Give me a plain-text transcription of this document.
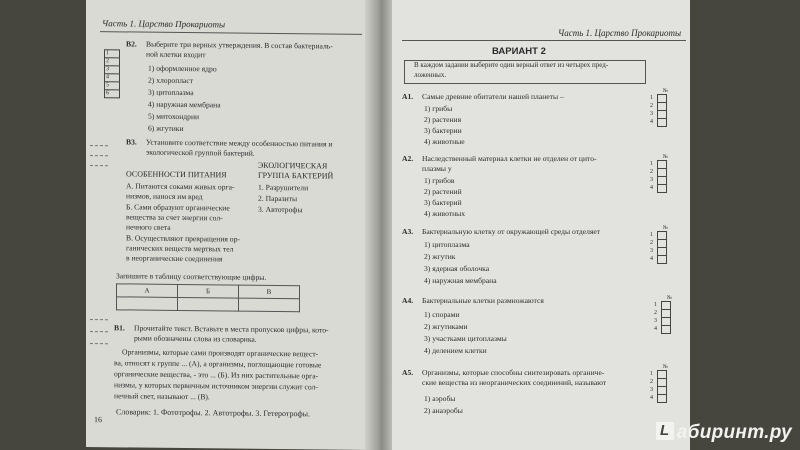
Часть 1. Царство Прокариоты
1
2
3
4
5
6
В2. Выберите три верных утверждения. В состав бактериаль-
ной клетки входит
1) оформленное ядро
2) хлоропласт
3) цитоплазма
4) наружная мембрана
5) митохондрии
6) жгутики
В3. Установите соответствие между особенностью питания и
экологической группой бактерий.
ОСОБЕННОСТИ ПИТАНИЯ
ЭКОЛОГИЧЕСКАЯ
ГРУППА БАКТЕРИЙ
А. Питаются соками живых орга-
низмов, нанося им вред
Б. Сами образуют органические
вещества за счет энергии сол-
нечного света
В. Осуществляют превращения ор-
ганических веществ мертвых тел
в неорганические соединения
1. Разрушители
2. Паразиты
3. Автотрофы
Запишите в таблицу соответствующие цифры.
А	Б	В

В1. Прочитайте текст. Вставьте в места пропусков цифры, кото-
рыми обозначены слова из словарика.
Организмы, которые сами производят органические вещест-
ва, относят к группе ... (А), а организмы, поглощающие готовые
органические вещества, - это ... (Б). Из них растительные орга-
низмы, у которых первичным источником энергии служит сол-
нечный свет, называют ... (В).
Словарик: 1. Фототрофы. 2. Автотрофы. 3. Гетеротрофы.
16
Часть 1. Царство Прокариоты
ВАРИАНТ 2
В каждом задании выберите один верный ответ из четырех пред-
ложенных.
А1. Самые древние обитатели нашей планеты –
1) грибы
2) растения
3) бактерии
4) животные
№
1
2
3
4
А2. Наследственный материал клетки не отделен от цито-
плазмы у
1) грибов
2) растений
3) бактерий
4) животных
№
1
2
3
4
А3. Бактериальную клетку от окружающей среды отделяет
1) цитоплазма
2) жгутик
3) ядерная оболочка
4) наружная мембрана
№
1
2
3
4
А4. Бактериальные клетки размножаются
1) спорами
2) жгутиками
3) участками цитоплазмы
4) делением клетки
№
1
2
3
4
А5. Организмы, которые способны синтезировать органиче-
ские вещества из неорганических соединений, называют
1) аэробы
2) анаэробы
№
1
2
3
4
L абиринт.ру
